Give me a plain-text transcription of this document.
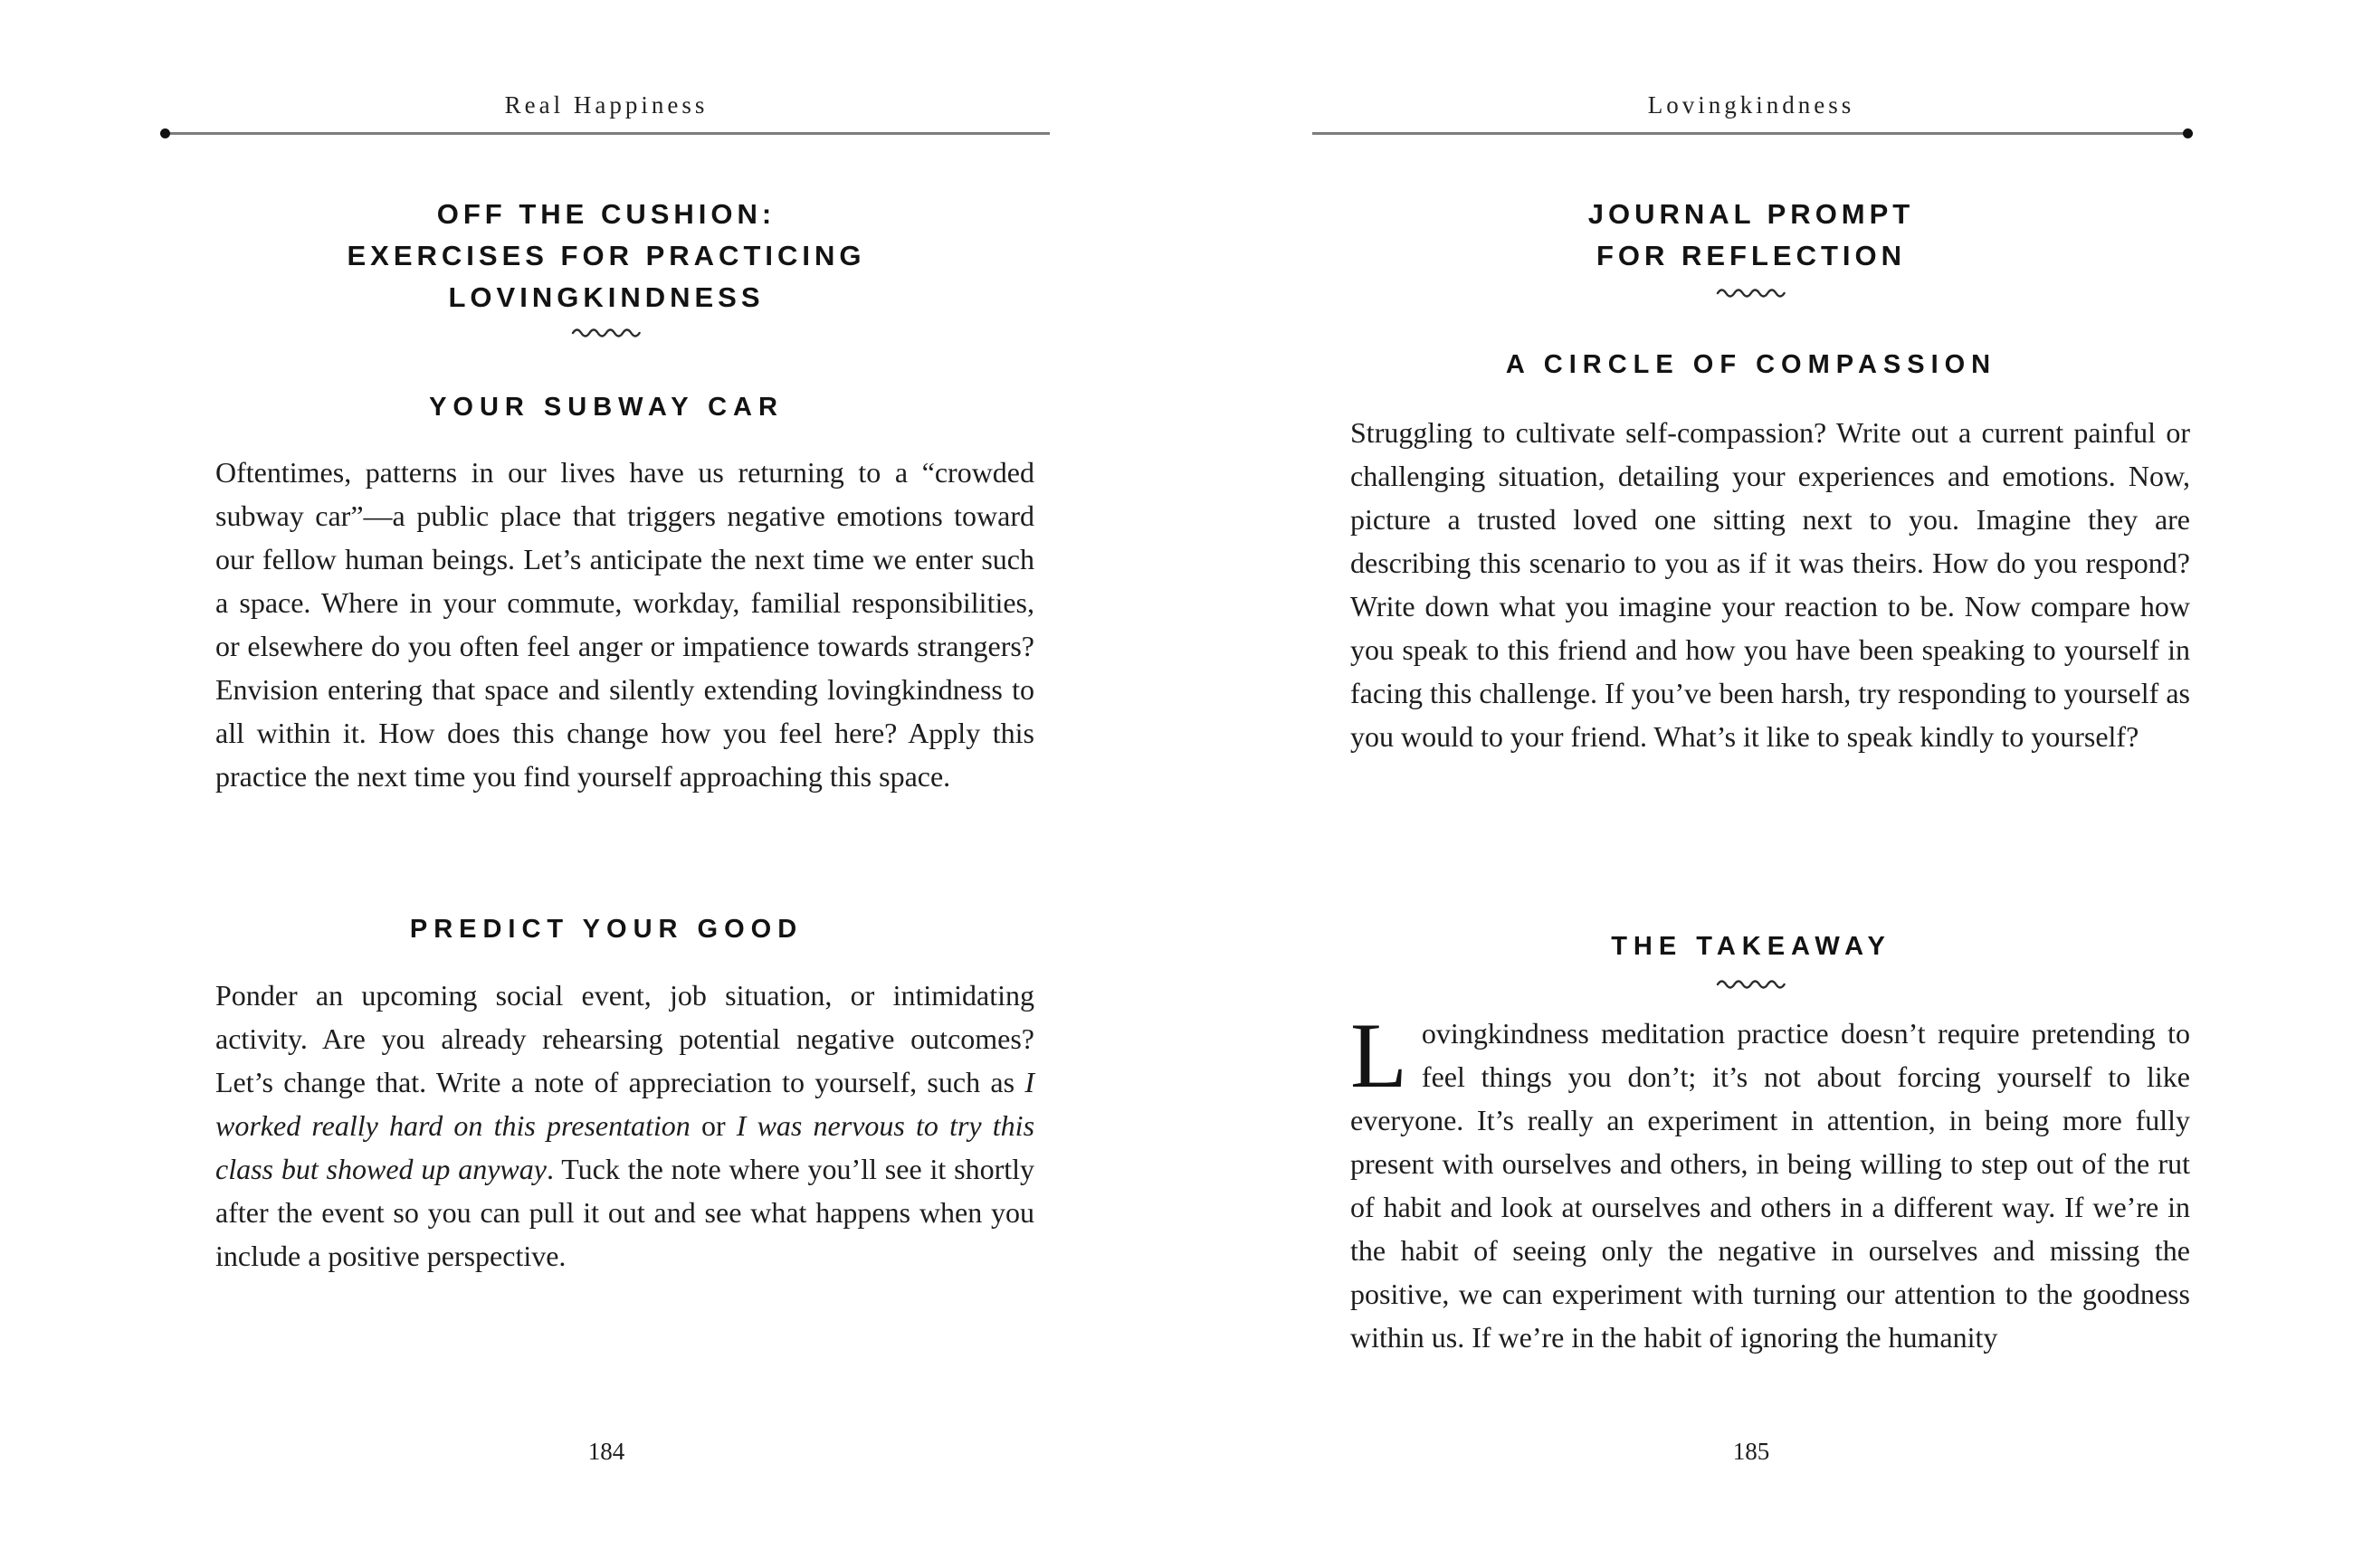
Real Happiness
OFF THE CUSHION:
EXERCISES FOR PRACTICING
LOVINGKINDNESS
YOUR SUBWAY CAR

Oftentimes, patterns in our lives have us returning to a “crowded subway car”—a public place that triggers negative emotions toward our fellow human beings. Let’s anticipate the next time we enter such a space. Where in your commute, workday, familial responsibilities, or elsewhere do you often feel anger or impatience towards strangers? Envision entering that space and silently extending lovingkindness to all within it. How does this change how you feel here? Apply this practice the next time you find yourself approaching this space.

PREDICT YOUR GOOD

Ponder an upcoming social event, job situation, or intimidating activity. Are you already rehearsing potential negative outcomes? Let’s change that. Write a note of appreciation to yourself, such as I worked really hard on this presentation or I was nervous to try this class but showed up anyway. Tuck the note where you’ll see it shortly after the event so you can pull it out and see what happens when you include a positive perspective.

184
Lovingkindness
JOURNAL PROMPT
FOR REFLECTION
A CIRCLE OF COMPASSION

Struggling to cultivate self-compassion? Write out a current painful or challenging situation, detailing your experiences and emotions. Now, picture a trusted loved one sitting next to you. Imagine they are describing this scenario to you as if it was theirs. How do you respond? Write down what you imagine your reaction to be. Now compare how you speak to this friend and how you have been speaking to yourself in facing this challenge. If you’ve been harsh, try responding to yourself as you would to your friend. What’s it like to speak kindly to yourself?

THE TAKEAWAY

Lovingkindness meditation practice doesn’t require pretending to feel things you don’t; it’s not about forcing yourself to like everyone. It’s really an experiment in attention, in being more fully present with ourselves and others, in being willing to step out of the rut of habit and look at ourselves and others in a different way. If we’re in the habit of seeing only the negative in ourselves and missing the positive, we can experiment with turning our attention to the goodness within us. If we’re in the habit of ignoring the humanity

185
